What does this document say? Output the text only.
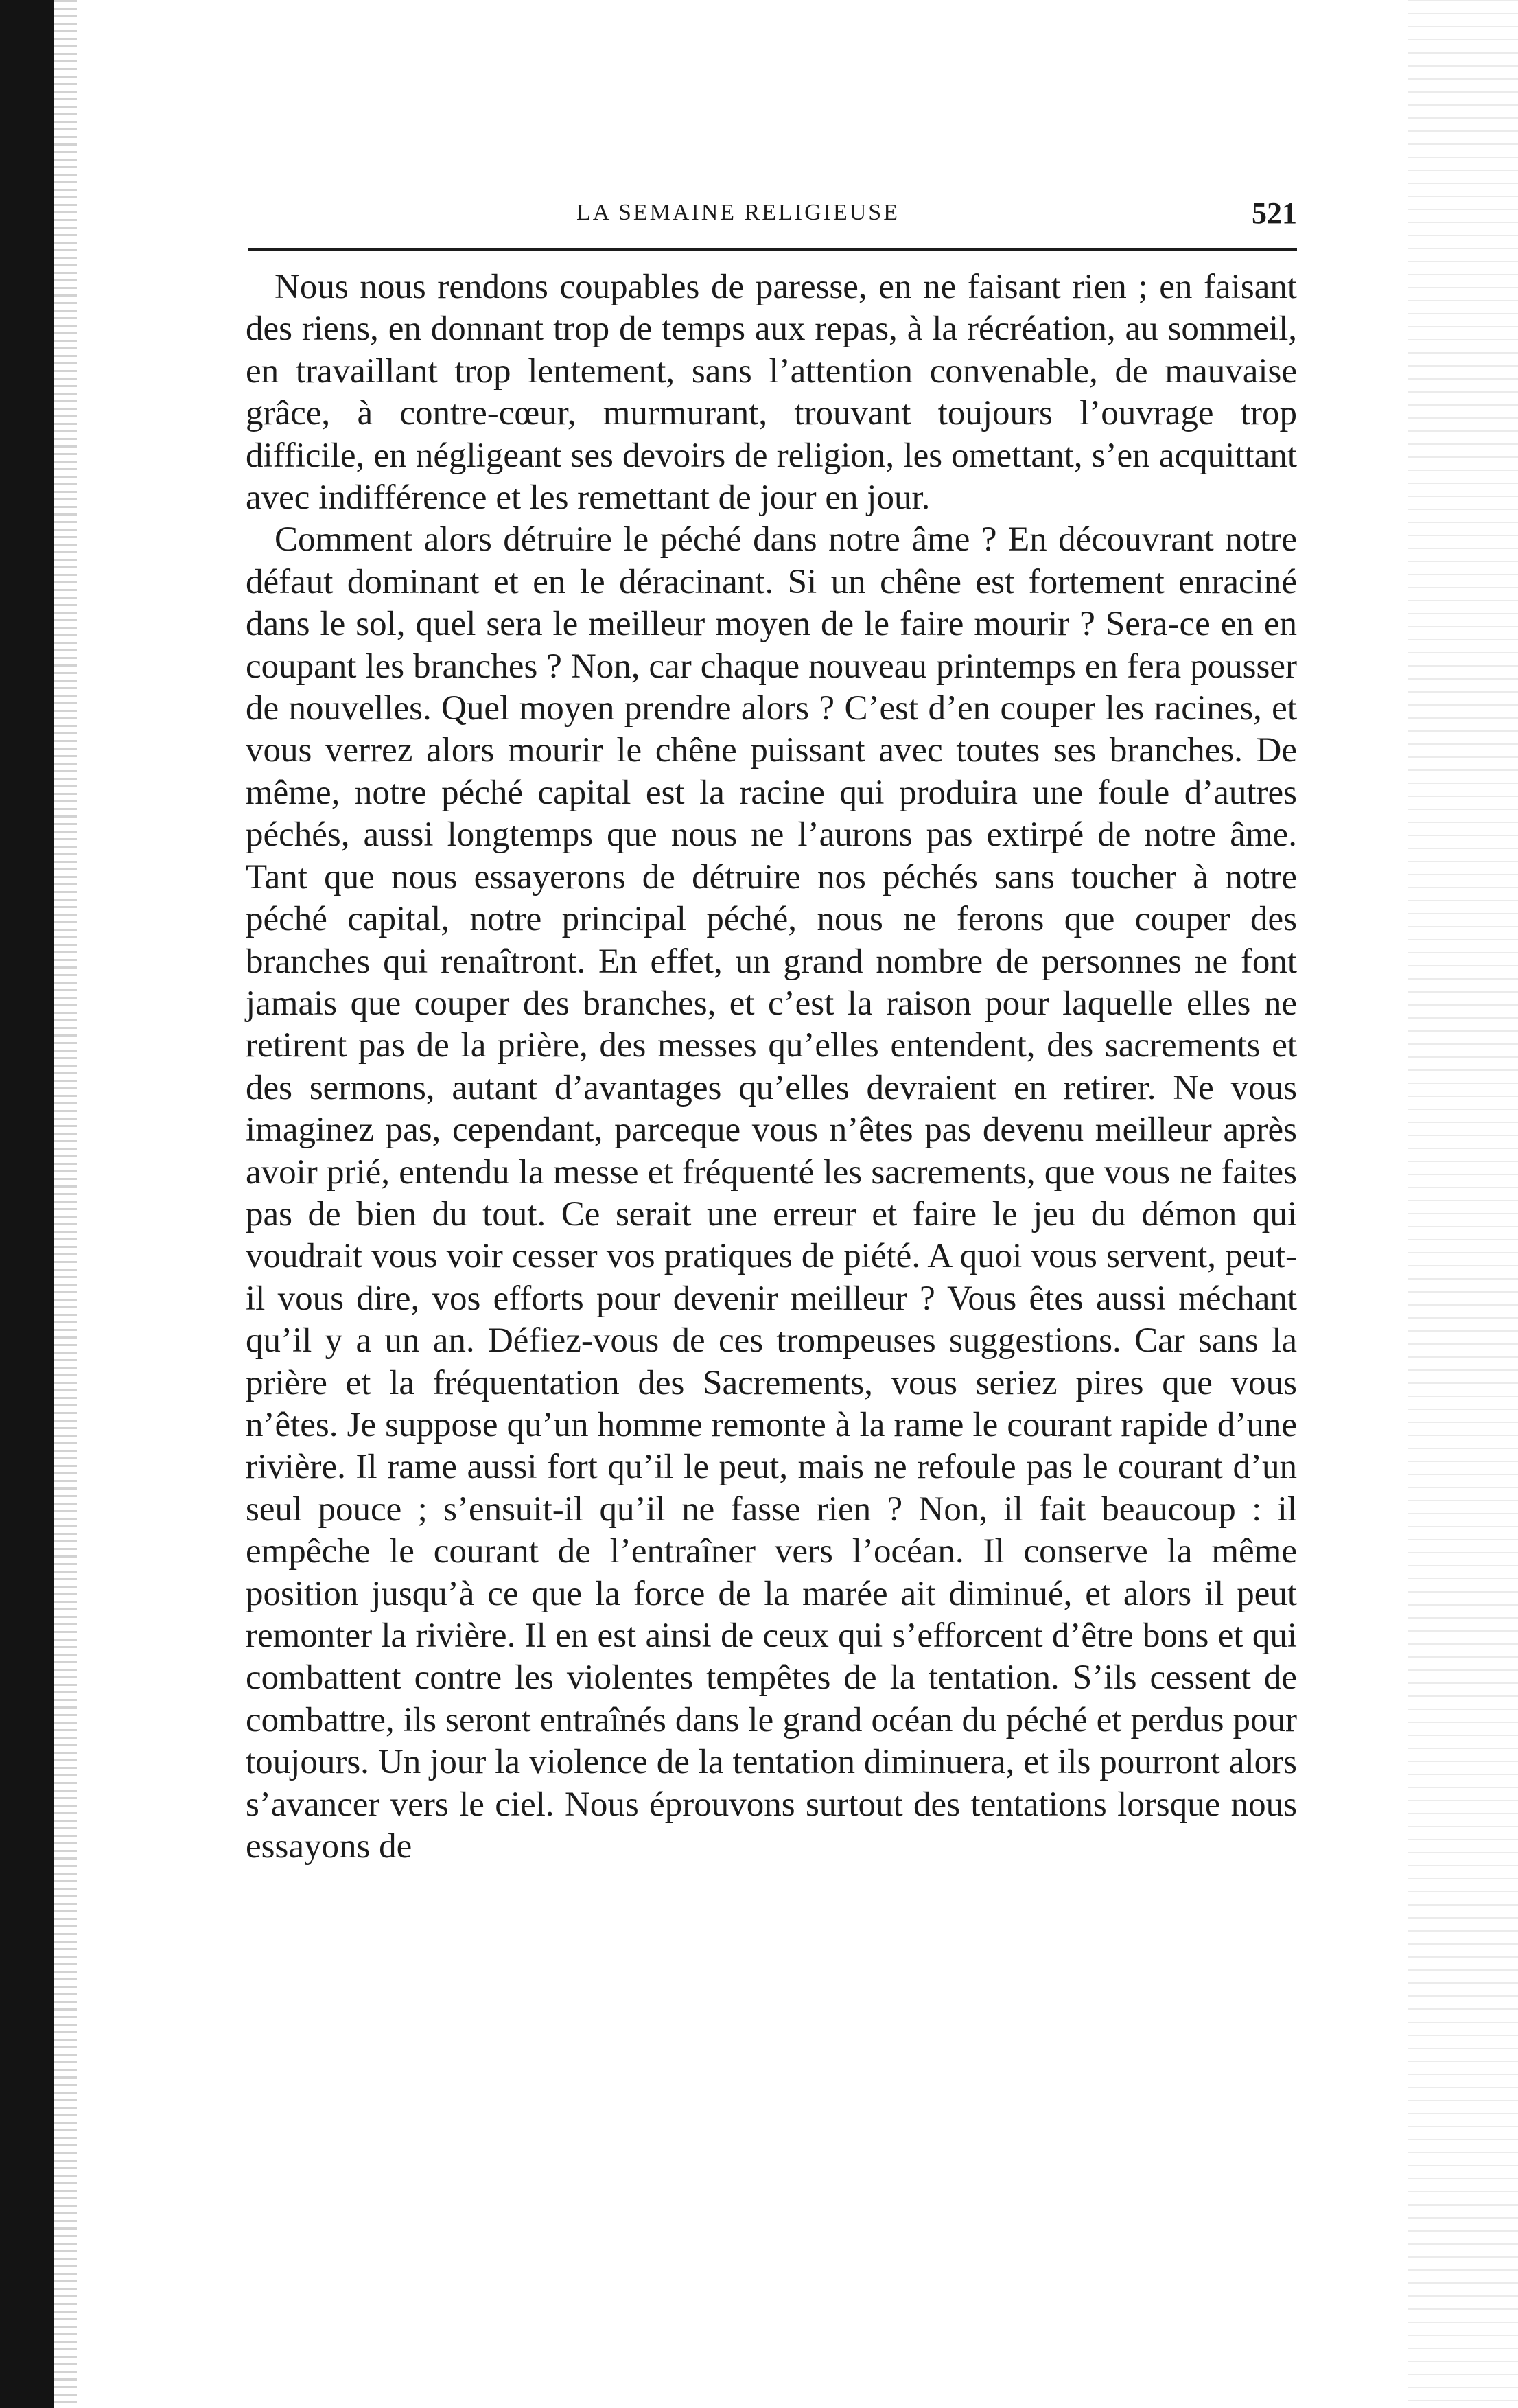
LA SEMAINE RELIGIEUSE	521

Nous nous rendons coupables de paresse, en ne faisant rien ; en faisant des riens, en donnant trop de temps aux repas, à la récréation, au sommeil, en travaillant trop lentement, sans l’attention convenable, de mauvaise grâce, à contre-cœur, murmurant, trouvant toujours l’ouvrage trop difficile, en négligeant ses devoirs de religion, les omettant, s’en acquittant avec indifférence et les remettant de jour en jour.

Comment alors détruire le péché dans notre âme ? En découvrant notre défaut dominant et en le déracinant. Si un chêne est fortement enraciné dans le sol, quel sera le meilleur moyen de le faire mourir ? Sera-ce en en coupant les branches ? Non, car chaque nouveau printemps en fera pousser de nouvelles. Quel moyen prendre alors ? C’est d’en couper les racines, et vous verrez alors mourir le chêne puissant avec toutes ses branches. De même, notre péché capital est la racine qui produira une foule d’autres péchés, aussi longtemps que nous ne l’aurons pas extirpé de notre âme. Tant que nous essayerons de détruire nos péchés sans toucher à notre péché capital, notre principal péché, nous ne ferons que couper des branches qui renaîtront. En effet, un grand nombre de personnes ne font jamais que couper des branches, et c’est la raison pour laquelle elles ne retirent pas de la prière, des messes qu’elles entendent, des sacrements et des sermons, autant d’avantages qu’elles devraient en retirer. Ne vous imaginez pas, cependant, parceque vous n’êtes pas devenu meilleur après avoir prié, entendu la messe et fréquenté les sacrements, que vous ne faites pas de bien du tout. Ce serait une erreur et faire le jeu du démon qui voudrait vous voir cesser vos pratiques de piété. A quoi vous servent, peut-il vous dire, vos efforts pour devenir meilleur ? Vous êtes aussi méchant qu’il y a un an. Défiez-vous de ces trompeuses suggestions. Car sans la prière et la fréquentation des Sacrements, vous seriez pires que vous n’êtes. Je suppose qu’un homme remonte à la rame le courant rapide d’une rivière. Il rame aussi fort qu’il le peut, mais ne refoule pas le courant d’un seul pouce ; s’ensuit-il qu’il ne fasse rien ? Non, il fait beaucoup : il empêche le courant de l’entraîner vers l’océan. Il conserve la même position jusqu’à ce que la force de la marée ait diminué, et alors il peut remonter la rivière. Il en est ainsi de ceux qui s’efforcent d’être bons et qui combattent contre les violentes tempêtes de la tentation. S’ils cessent de combattre, ils seront entraînés dans le grand océan du péché et perdus pour toujours. Un jour la violence de la tentation diminuera, et ils pourront alors s’avancer vers le ciel. Nous éprouvons surtout des tentations lorsque nous essayons de
